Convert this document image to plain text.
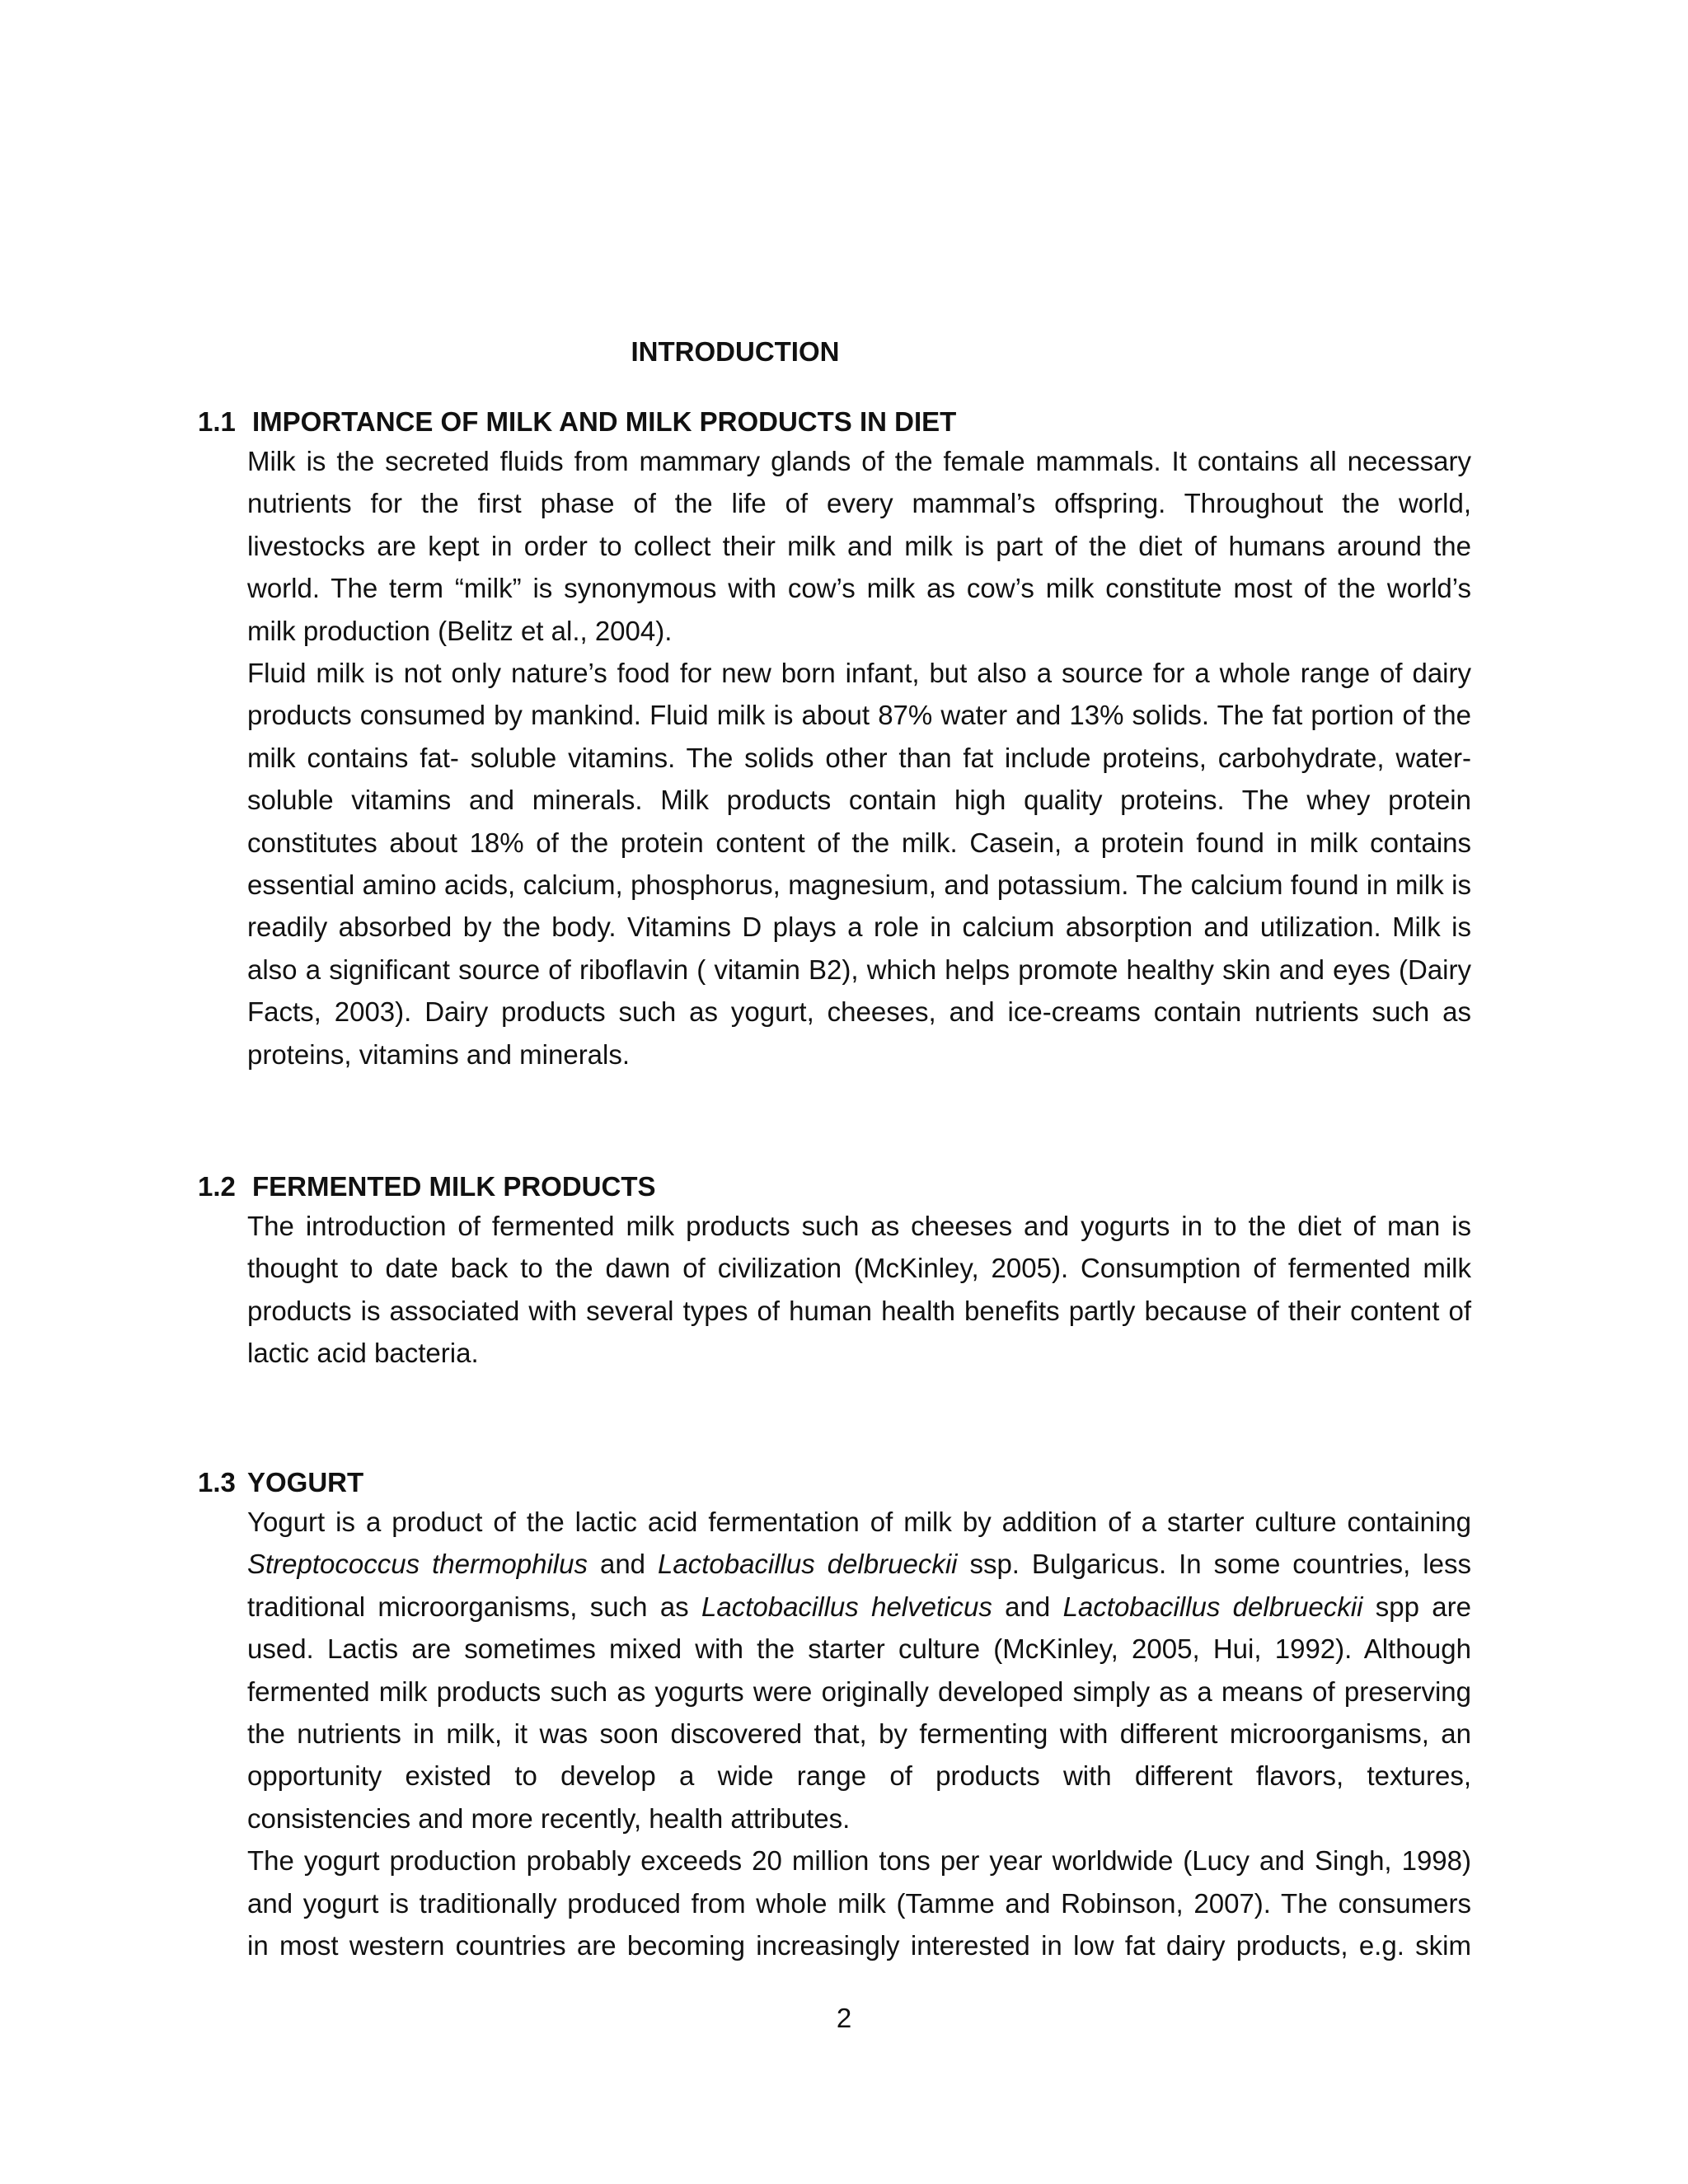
INTRODUCTION
1.1 IMPORTANCE OF MILK AND MILK PRODUCTS IN DIET
Milk is the secreted fluids from mammary glands of the female mammals. It contains all necessary
nutrients for the first phase of the life of every mammal’s offspring. Throughout the world,
livestocks are kept in order to collect their milk and milk is part of the diet of humans around the
world. The term “milk” is synonymous with cow’s milk as cow’s milk constitute most of the world’s
milk production (Belitz et al., 2004).
Fluid milk is not only nature’s food for new born infant, but also a source for a whole range of dairy
products consumed by mankind. Fluid milk is about 87% water and 13% solids. The fat portion of the
milk contains fat- soluble vitamins. The solids other than fat include proteins, carbohydrate, water-
soluble vitamins and minerals. Milk products contain high quality proteins. The whey protein
constitutes about 18% of the protein content of the milk. Casein, a protein found in milk contains
essential amino acids, calcium, phosphorus, magnesium, and potassium. The calcium found in milk is
readily absorbed by the body. Vitamins D plays a role in calcium absorption and utilization. Milk is
also a significant source of riboflavin ( vitamin B2), which helps promote healthy skin and eyes (Dairy
Facts, 2003). Dairy products such as yogurt, cheeses, and ice-creams contain nutrients such as
proteins, vitamins and minerals.
1.2 FERMENTED MILK PRODUCTS
The introduction of fermented milk products such as cheeses and yogurts in to the diet of man is
thought to date back to the dawn of civilization (McKinley, 2005). Consumption of fermented milk
products is associated with several types of human health benefits partly because of their content of
lactic acid bacteria.
1.3 YOGURT
Yogurt is a product of the lactic acid fermentation of milk by addition of a starter culture containing
Streptococcus thermophilus and Lactobacillus delbrueckii ssp. Bulgaricus. In some countries, less
traditional microorganisms, such as Lactobacillus helveticus and Lactobacillus delbrueckii spp are
used. Lactis are sometimes mixed with the starter culture (McKinley, 2005, Hui, 1992). Although
fermented milk products such as yogurts were originally developed simply as a means of preserving
the nutrients in milk, it was soon discovered that, by fermenting with different microorganisms, an
opportunity existed to develop a wide range of products with different flavors, textures,
consistencies and more recently, health attributes.
The yogurt production probably exceeds 20 million tons per year worldwide (Lucy and Singh, 1998)
and yogurt is traditionally produced from whole milk (Tamme and Robinson, 2007). The consumers
in most western countries are becoming increasingly interested in low fat dairy products, e.g. skim
2
